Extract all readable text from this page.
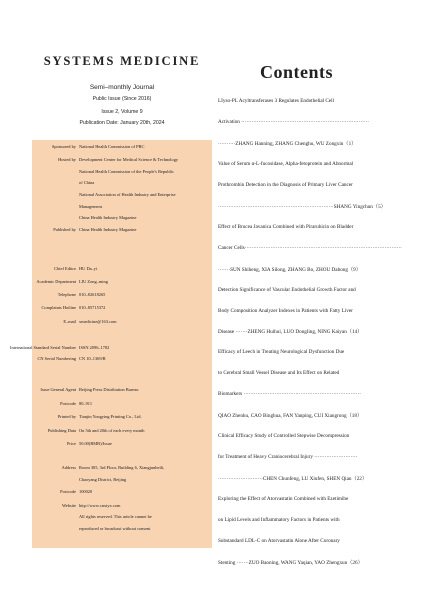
SYSTEMS MEDICINE
Semi–monthly Journal
Public Issue (Since 2016)
Issue 2, Volume 9
Publication Date: January 20th, 2024
Sponsored by National Health Commission of PRC
Hosted by Development Center for Medical Science & Technology
National Health Commission of the People's Republic
of China
National Association of Health Industry and Enterprise
Management
China Health Industry Magazine
Published by China Health Industry Magazine
Chief Editor HU Da–yi
Academic Department LIU Zong–ming
Telephone 010–82618265
Complaints Hotline 010–85715372
E–mail xmedicine@163.com
International Standard Serial Number ISSN 2096–1782
CN Serial Numbering CN 10–1369/R
Issue General Agent Beijing Press Distribution Bureau
Postcode 80–911
Printed by Tianjin Yongying Printing Co., Ltd.
Publishing Data On 5th and 20th of each every month
Price 50.00(RMB)/Issue
Address Room 305, 3rd Floor, Building 6, Xiangjunbeili,
Chaoyang District, Beijing
Postcode 100020
Website http://www.cnxtyx.com
All rights reserved. This article cannot be
reproduced or broadcast without consent
Contents
LIyso-PL Acyltransferases 3 Regulates Endothelial Cell
Activation ··········································································
··········ZHANG Hanning, ZHANG Chenghu, WU Zongxin（1）
Value of Serum α-L-fucosidase, Alpha-fetoprotein and Abnormal
Prothrombin Detection in the Diagnosis of Primary Liver Cancer
···································································SHANG Yingchun（5）
Effect of Brucea Javanica Combined with Pirarubicin on Bladder
Cancer Cells···························································································
·······SUN Shiheng, XIA Silong, ZHANG Bo, ZHOU Dabong（9）
Detection Significance of Vascular Endothelial Growth Factor and
Body Composition Analyzer Indexes in Patients with Fatty Liver
Disease ·······ZHENG Huihui, LUO Dongling, NING Kaiyan（14）
Efficacy of Leech in Treating Neurological Dysfunction Due
to Cerebral Small Vessel Disease and Its Effect on Related
Biomarkers ····································································
QIAO Zhenhu, CAO Binghua, FAN Yanping, CUI Xiangrong（18）
Clinical Efficacy Study of Controlled Stepwise Decompression
for Treatment of Heavy Craniocerebral Injury ·························
··························CHEN Chunfeng, LU Xiufen, SHEN Qian（22）
Exploring the Effect of Atorvastatin Combined with Ezetimibe
on Lipid Levels and Inflammatory Factors in Patients with
Substandard LDL-C on Atorvastatin Alone After Coronary
Stenting ·······ZUO Baoning, WANG Yaqian, YAO Zhengxun（26）
